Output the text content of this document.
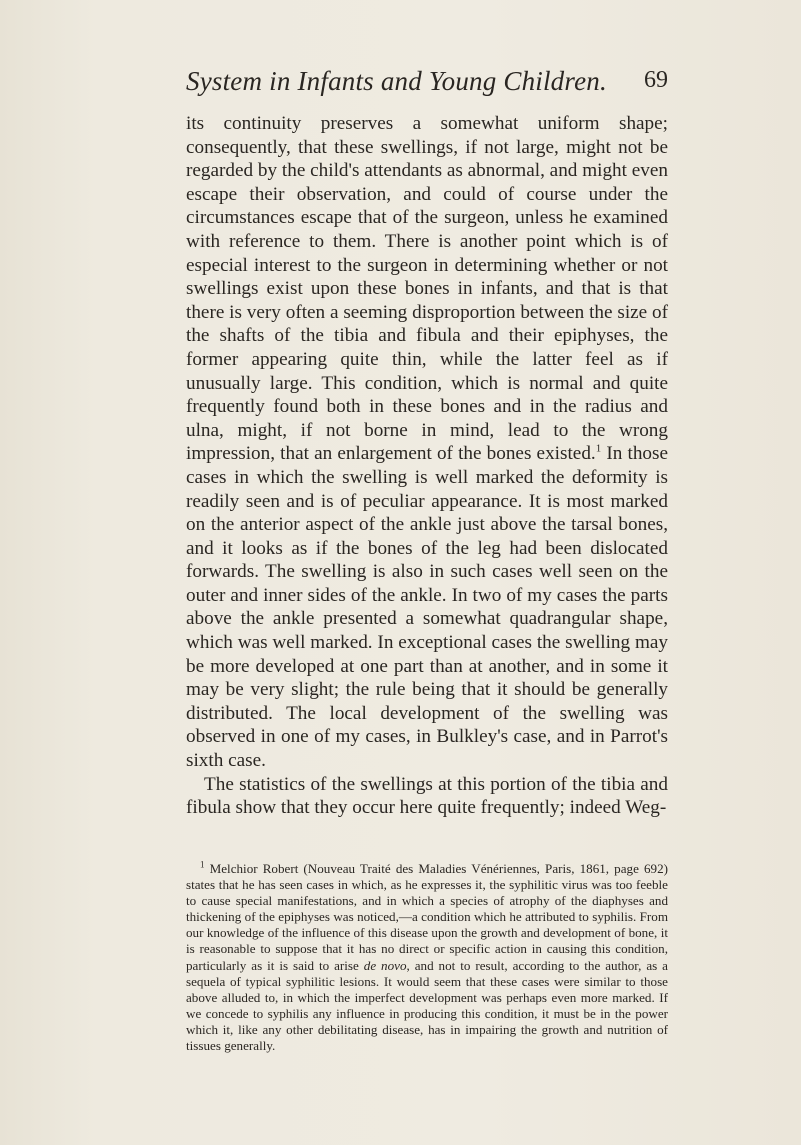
System in Infants and Young Children. 69

its continuity preserves a somewhat uniform shape; consequently, that these swellings, if not large, might not be regarded by the child's attendants as abnormal, and might even escape their observation, and could of course under the circumstances escape that of the surgeon, unless he examined with reference to them. There is another point which is of especial interest to the surgeon in determining whether or not swellings exist upon these bones in infants, and that is that there is very often a seeming disproportion between the size of the shafts of the tibia and fibula and their epiphyses, the former appearing quite thin, while the latter feel as if unusually large. This condition, which is normal and quite frequently found both in these bones and in the radius and ulna, might, if not borne in mind, lead to the wrong impression, that an enlargement of the bones existed.$^1$ In those cases in which the swelling is well marked the deformity is readily seen and is of peculiar appearance. It is most marked on the anterior aspect of the ankle just above the tarsal bones, and it looks as if the bones of the leg had been dislocated forwards. The swelling is also in such cases well seen on the outer and inner sides of the ankle. In two of my cases the parts above the ankle presented a somewhat quadrangular shape, which was well marked. In exceptional cases the swelling may be more developed at one part than at another, and in some it may be very slight; the rule being that it should be generally distributed. The local development of the swelling was observed in one of my cases, in Bulkley's case, and in Parrot's sixth case.

The statistics of the swellings at this portion of the tibia and fibula show that they occur here quite frequently; indeed Weg-

$^1$ Melchior Robert (Nouveau Traité des Maladies Vénériennes, Paris, 1861, page 692) states that he has seen cases in which, as he expresses it, the syphilitic virus was too feeble to cause special manifestations, and in which a species of atrophy of the diaphyses and thickening of the epiphyses was noticed,—a condition which he attributed to syphilis. From our knowledge of the influence of this disease upon the growth and development of bone, it is reasonable to suppose that it has no direct or specific action in causing this condition, particularly as it is said to arise de novo, and not to result, according to the author, as a sequela of typical syphilitic lesions. It would seem that these cases were similar to those above alluded to, in which the imperfect development was perhaps even more marked. If we concede to syphilis any influence in producing this condition, it must be in the power which it, like any other debilitating disease, has in impairing the growth and nutrition of tissues generally.
